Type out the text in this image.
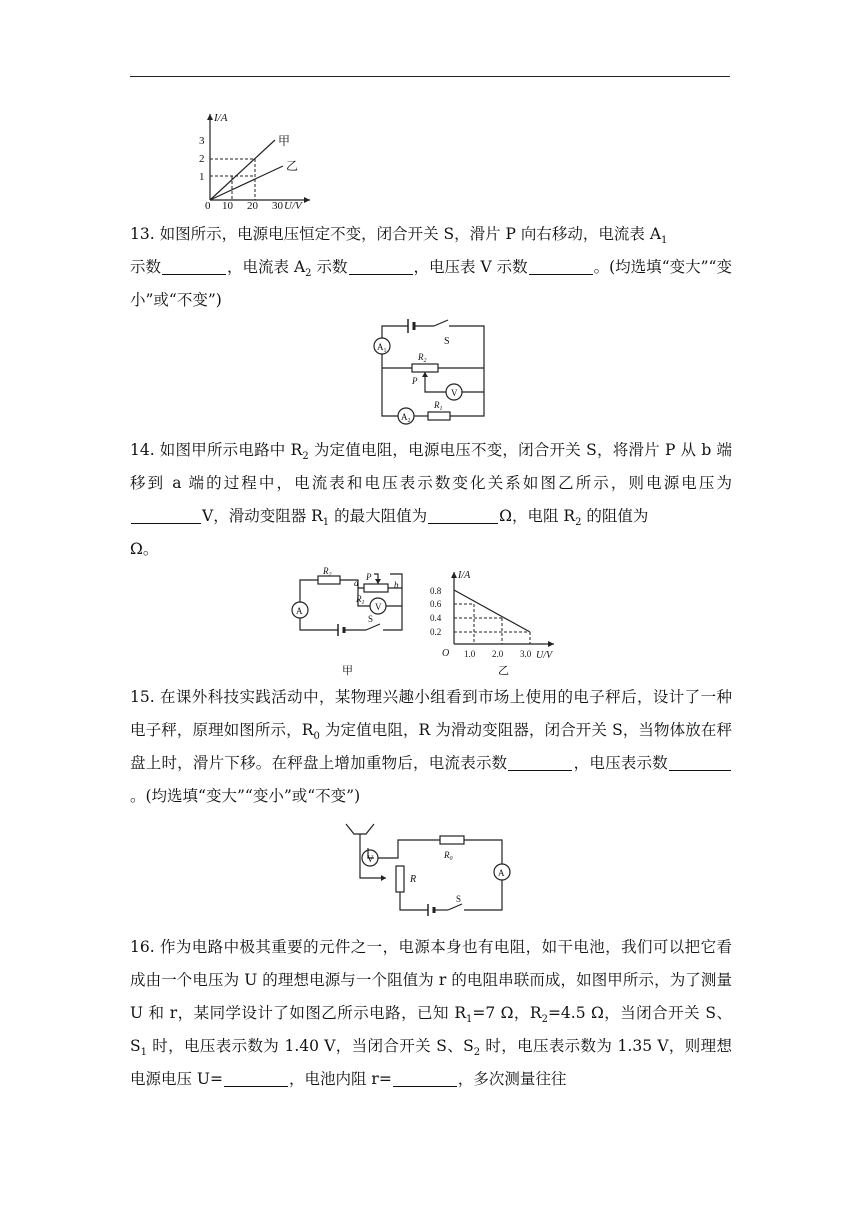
I/A
U/V
3
2
1
0 10 20 30
甲
乙
13. 如图所示，电源电压恒定不变，闭合开关 S，滑片 P 向右移动，电流表 $A_1$
示数	，电流表 $A_2$ 示数	，电压表 V 示数	。(均选填“变大”“变小”或“不变”)
S
$A_1$
$A_2$
$R_1$
$R_2$
P
V
14. 如图甲所示电路中 $R_2$ 为定值电阻，电源电压不变，闭合开关 S，将滑片 P 从 b 端移到 a 端的过程中，电流表和电压表示数变化关系如图乙所示，则电源电压为V，滑动变阻器 $R_1$ 的最大阻值为	Ω，电阻 $R_2$ 的阻值为
Ω。
$R_2$
a	b
P
$R_1$ V
A
S
甲
I/A
U/V
O
0.8
0.6
0.4
0.2
1.0 2.0 3.0
乙
15. 在课外科技实践活动中，某物理兴趣小组看到市场上使用的电子秤后，设计了一种电子秤，原理如图所示，$R_0$ 为定值电阻，R 为滑动变阻器，闭合开关 S，当物体放在秤盘上时，滑片下移。在秤盘上增加重物后，电流表示数	，电压表示数。(均选填“变大”“变小”或“不变”)
V	$R_0$
A
R
S
16. 作为电路中极其重要的元件之一，电源本身也有电阻，如干电池，我们可以把它看成由一个电压为 U 的理想电源与一个阻值为 r 的电阻串联而成，如图甲所示，为了测量 U 和 r，某同学设计了如图乙所示电路，已知 $R_1=7$ Ω，$R_2=4.5$ Ω，当闭合开关 S、$S_1$ 时，电压表示数为 1.40 V，当闭合开关 S、$S_2$ 时，电压表示数为 1.35 V，则理想电源电压 U=	，电池内阻 r=	，多次测量往往
